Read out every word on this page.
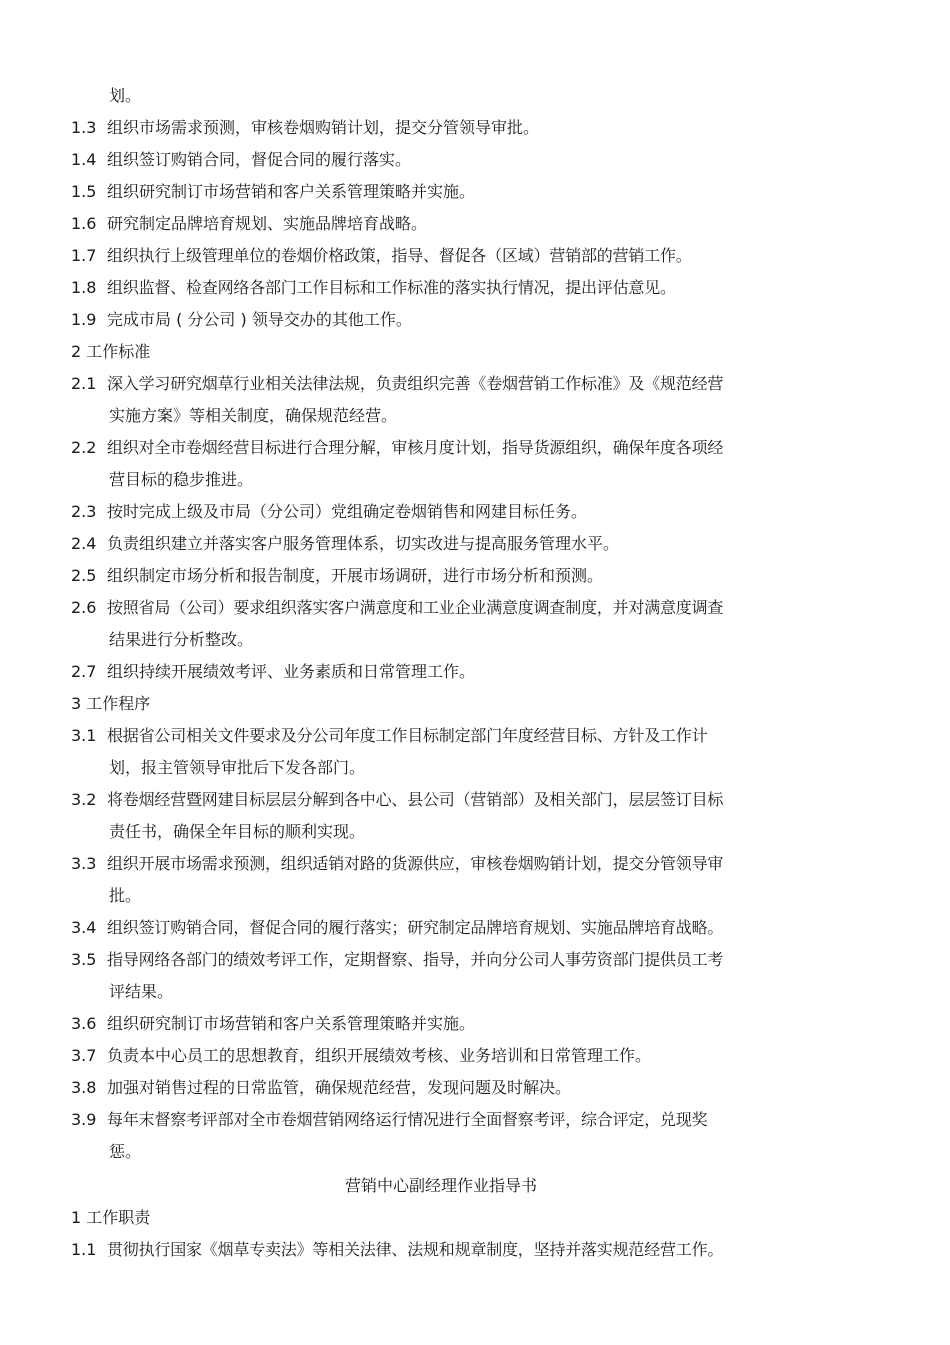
划。
1.3 组织市场需求预测，审核卷烟购销计划，提交分管领导审批。
1.4 组织签订购销合同，督促合同的履行落实。
1.5 组织研究制订市场营销和客户关系管理策略并实施。
1.6 研究制定品牌培育规划、实施品牌培育战略。
1.7 组织执行上级管理单位的卷烟价格政策，指导、督促各（区域）营销部的营销工作。
1.8 组织监督、检查网络各部门工作目标和工作标准的落实执行情况，提出评估意见。
1.9 完成市局 ( 分公司 ) 领导交办的其他工作。
2 工作标准
2.1 深入学习研究烟草行业相关法律法规，负责组织完善《卷烟营销工作标准》及《规范经营
实施方案》等相关制度，确保规范经营。
2.2 组织对全市卷烟经营目标进行合理分解，审核月度计划，指导货源组织，确保年度各项经
营目标的稳步推进。
2.3 按时完成上级及市局（分公司）党组确定卷烟销售和网建目标任务。
2.4 负责组织建立并落实客户服务管理体系，切实改进与提高服务管理水平。
2.5 组织制定市场分析和报告制度，开展市场调研，进行市场分析和预测。
2.6 按照省局（公司）要求组织落实客户满意度和工业企业满意度调查制度，并对满意度调查
结果进行分析整改。
2.7 组织持续开展绩效考评、业务素质和日常管理工作。
3 工作程序
3.1 根据省公司相关文件要求及分公司年度工作目标制定部门年度经营目标、方针及工作计
划，报主管领导审批后下发各部门。
3.2 将卷烟经营暨网建目标层层分解到各中心、县公司（营销部）及相关部门，层层签订目标
责任书，确保全年目标的顺利实现。
3.3 组织开展市场需求预测，组织适销对路的货源供应，审核卷烟购销计划，提交分管领导审
批。
3.4 组织签订购销合同，督促合同的履行落实；研究制定品牌培育规划、实施品牌培育战略。
3.5 指导网络各部门的绩效考评工作，定期督察、指导，并向分公司人事劳资部门提供员工考
评结果。
3.6 组织研究制订市场营销和客户关系管理策略并实施。
3.7 负责本中心员工的思想教育，组织开展绩效考核、业务培训和日常管理工作。
3.8 加强对销售过程的日常监管，确保规范经营，发现问题及时解决。
3.9 每年末督察考评部对全市卷烟营销网络运行情况进行全面督察考评，综合评定，兑现奖
惩。
营销中心副经理作业指导书
1 工作职责
1.1 贯彻执行国家《烟草专卖法》等相关法律、法规和规章制度，坚持并落实规范经营工作。
